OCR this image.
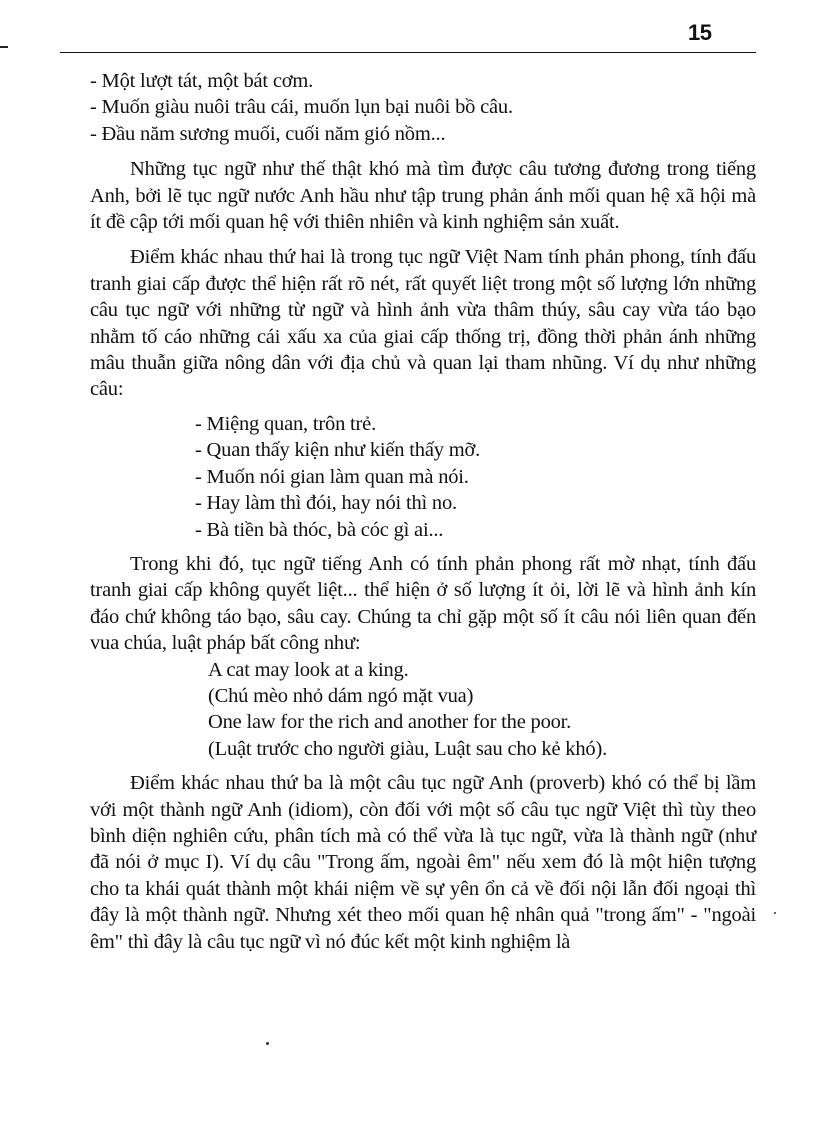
15

- Một lượt tát, một bát cơm.

- Muốn giàu nuôi trâu cái, muốn lụn bại nuôi bồ câu.

- Đầu năm sương muối, cuối năm gió nồm...

Những tục ngữ như thế thật khó mà tìm được câu tương đương trong tiếng Anh, bởi lẽ tục ngữ nước Anh hầu như tập trung phản ánh mối quan hệ xã hội mà ít đề cập tới mối quan hệ với thiên nhiên và kinh nghiệm sản xuất.

Điểm khác nhau thứ hai là trong tục ngữ Việt Nam tính phản phong, tính đấu tranh giai cấp được thể hiện rất rõ nét, rất quyết liệt trong một số lượng lớn những câu tục ngữ với những từ ngữ và hình ảnh vừa thâm thúy, sâu cay vừa táo bạo nhằm tố cáo những cái xấu xa của giai cấp thống trị, đồng thời phản ánh những mâu thuẫn giữa nông dân với địa chủ và quan lại tham nhũng. Ví dụ như những câu:

- Miệng quan, trôn trẻ.

- Quan thấy kiện như kiến thấy mỡ.

- Muốn nói gian làm quan mà nói.

- Hay làm thì đói, hay nói thì no.

- Bà tiền bà thóc, bà cóc gì ai...

Trong khi đó, tục ngữ tiếng Anh có tính phản phong rất mờ nhạt, tính đấu tranh giai cấp không quyết liệt... thể hiện ở số lượng ít ỏi, lời lẽ và hình ảnh kín đáo chứ không táo bạo, sâu cay. Chúng ta chỉ gặp một số ít câu nói liên quan đến vua chúa, luật pháp bất công như:

A cat may look at a king.

(Chú mèo nhỏ dám ngó mặt vua)

One law for the rich and another for the poor.

(Luật trước cho người giàu, Luật sau cho kẻ khó).

Điểm khác nhau thứ ba là một câu tục ngữ Anh (proverb) khó có thể bị lầm với một thành ngữ Anh (idiom), còn đối với một số câu tục ngữ Việt thì tùy theo bình diện nghiên cứu, phân tích mà có thể vừa là tục ngữ, vừa là thành ngữ (như đã nói ở mục I). Ví dụ câu "Trong ấm, ngoài êm" nếu xem đó là một hiện tượng cho ta khái quát thành một khái niệm về sự yên ổn cả về đối nội lẫn đối ngoại thì đây là một thành ngữ. Nhưng xét theo mối quan hệ nhân quả "trong ấm" - "ngoài êm" thì đây là câu tục ngữ vì nó đúc kết một kinh nghiệm là
